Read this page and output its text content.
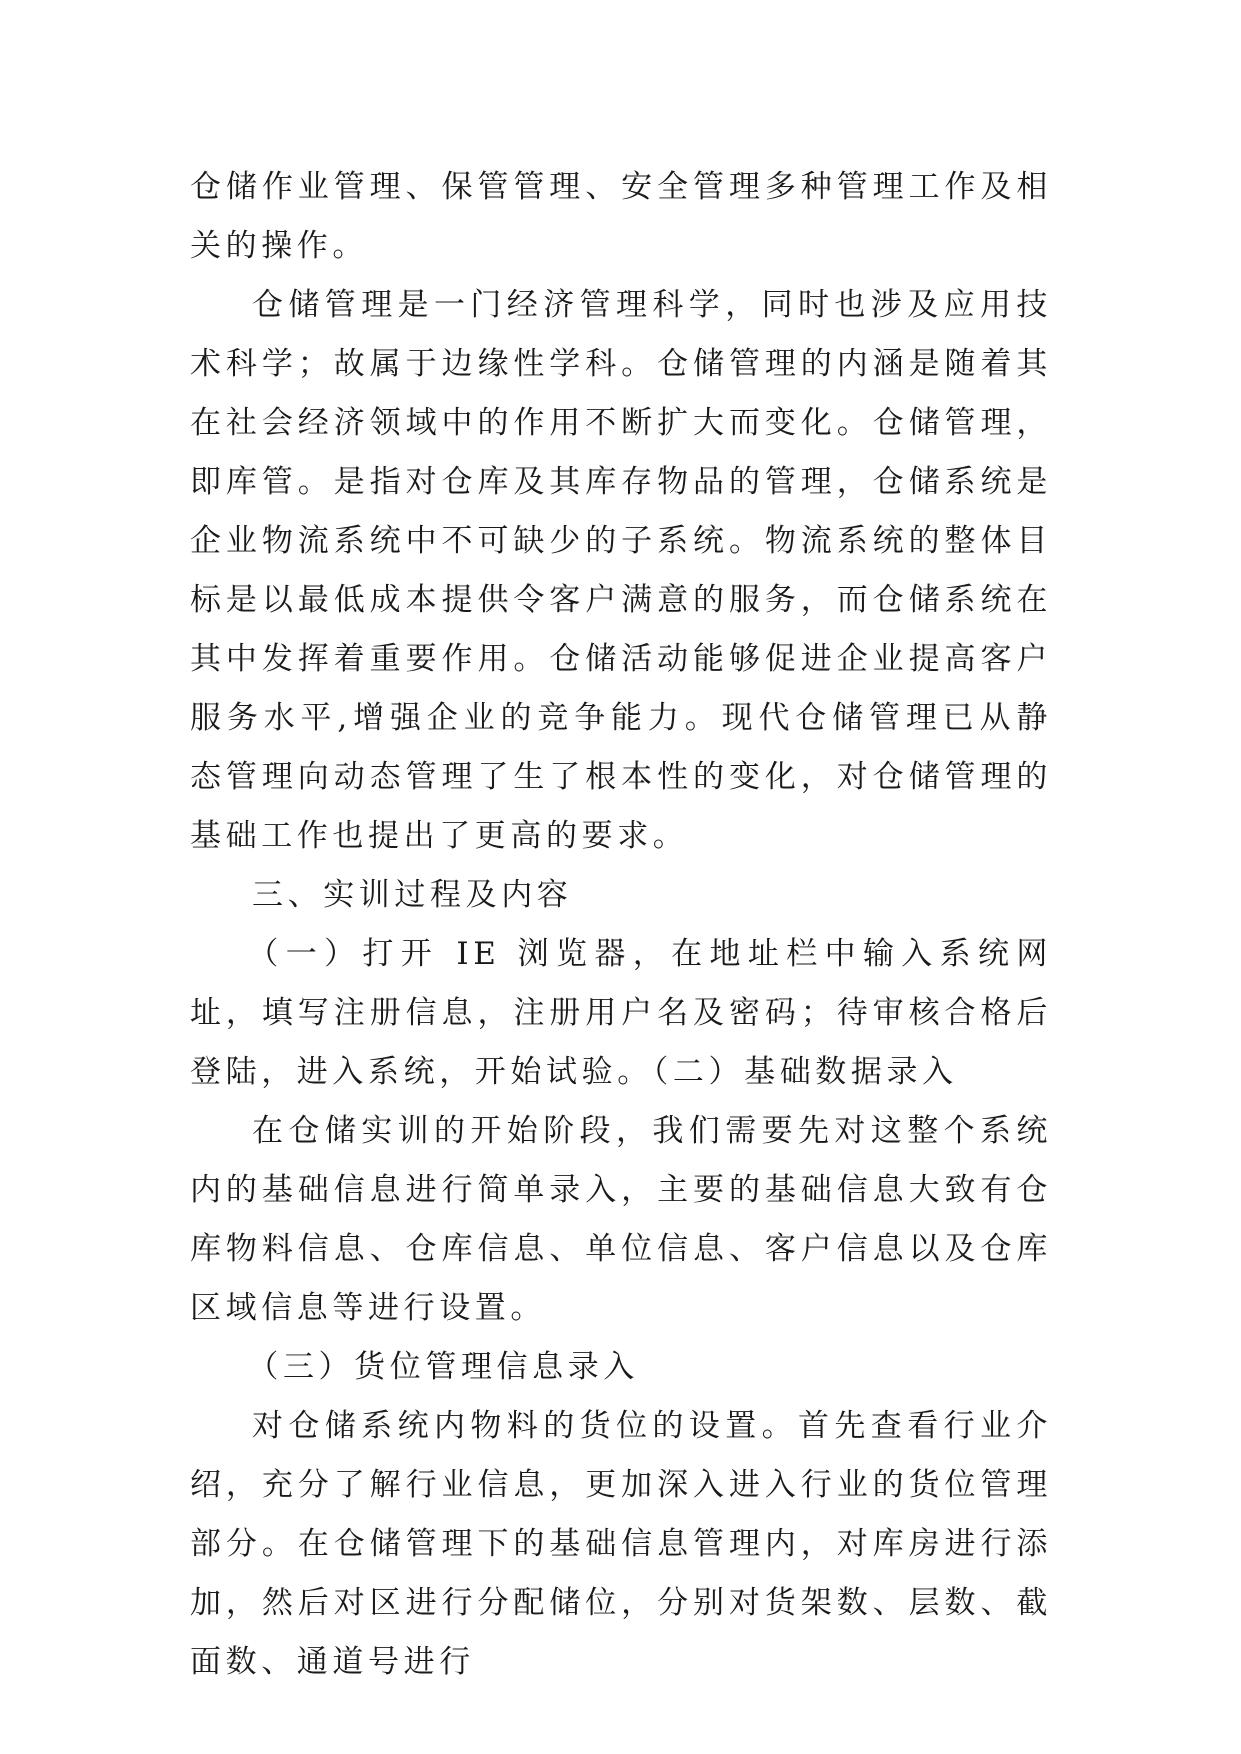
仓储作业管理、保管管理、安全管理多种管理工作及相关的操作。

仓储管理是一门经济管理科学，同时也涉及应用技术科学；故属于边缘性学科。仓储管理的内涵是随着其在社会经济领域中的作用不断扩大而变化。仓储管理，即库管。是指对仓库及其库存物品的管理，仓储系统是企业物流系统中不可缺少的子系统。物流系统的整体目标是以最低成本提供令客户满意的服务，而仓储系统在其中发挥着重要作用。仓储活动能够促进企业提高客户服务水平,增强企业的竞争能力。现代仓储管理已从静态管理向动态管理了生了根本性的变化，对仓储管理的基础工作也提出了更高的要求。

三、实训过程及内容

（一）打开 IE 浏览器，在地址栏中输入系统网址，填写注册信息，注册用户名及密码；待审核合格后登陆，进入系统，开始试验。（二）基础数据录入

在仓储实训的开始阶段，我们需要先对这整个系统内的基础信息进行简单录入，主要的基础信息大致有仓库物料信息、仓库信息、单位信息、客户信息以及仓库区域信息等进行设置。

（三）货位管理信息录入

对仓储系统内物料的货位的设置。首先查看行业介绍，充分了解行业信息，更加深入进入行业的货位管理部分。在仓储管理下的基础信息管理内，对库房进行添加，然后对区进行分配储位，分别对货架数、层数、截面数、通道号进行
